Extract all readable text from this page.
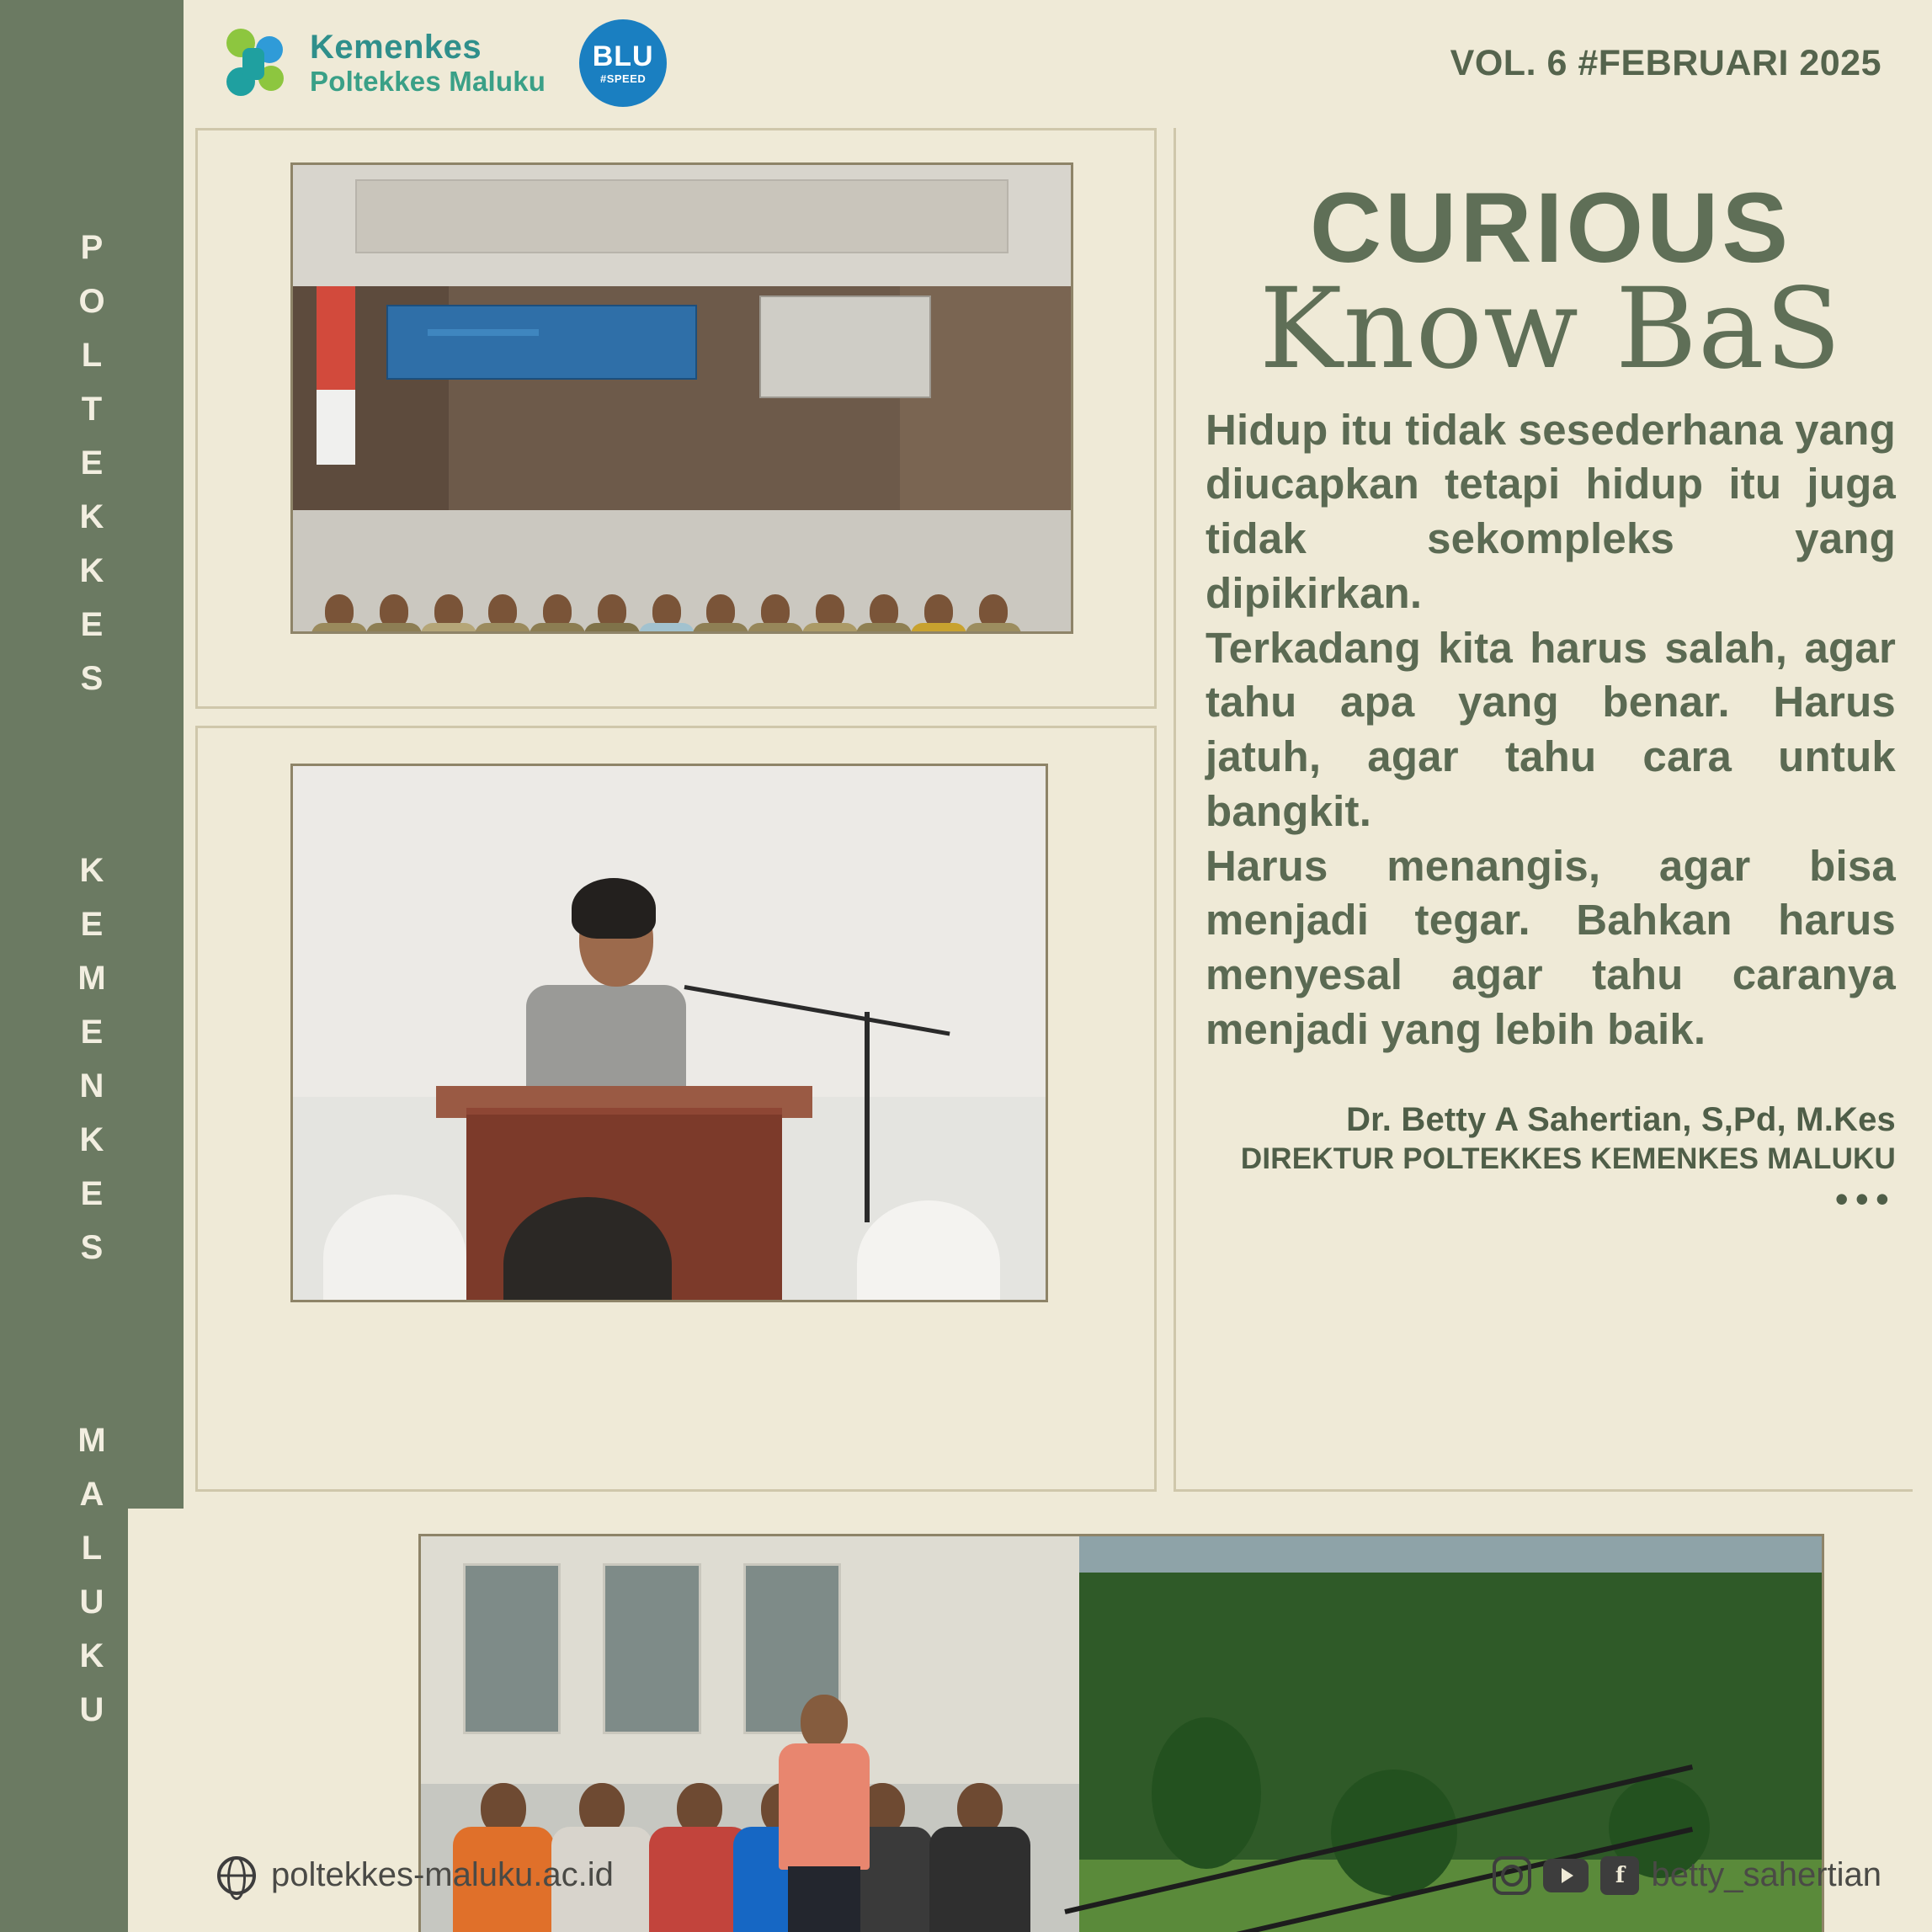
POLTEKKES
KEMENKES
MALUKU
Kemenkes
Poltekkes Maluku
BLU
#SPEED	VOL. 6 #FEBRUARI 2025
CURIOUS
Know BaS

Hidup itu tidak sesederhana yang diucapkan tetapi hidup itu juga tidak sekompleks yang dipikirkan.

Terkadang kita harus salah, agar tahu apa yang benar. Harus jatuh, agar tahu cara untuk bangkit.

Harus menangis, agar bisa menjadi tegar. Bahkan harus menyesal agar tahu caranya menjadi yang lebih baik.

Dr. Betty A Sahertian, S,Pd, M.Kes
DIREKTUR POLTEKKES KEMENKES MALUKU
•••
poltekkes-maluku.ac.id	f betty_sahertian
